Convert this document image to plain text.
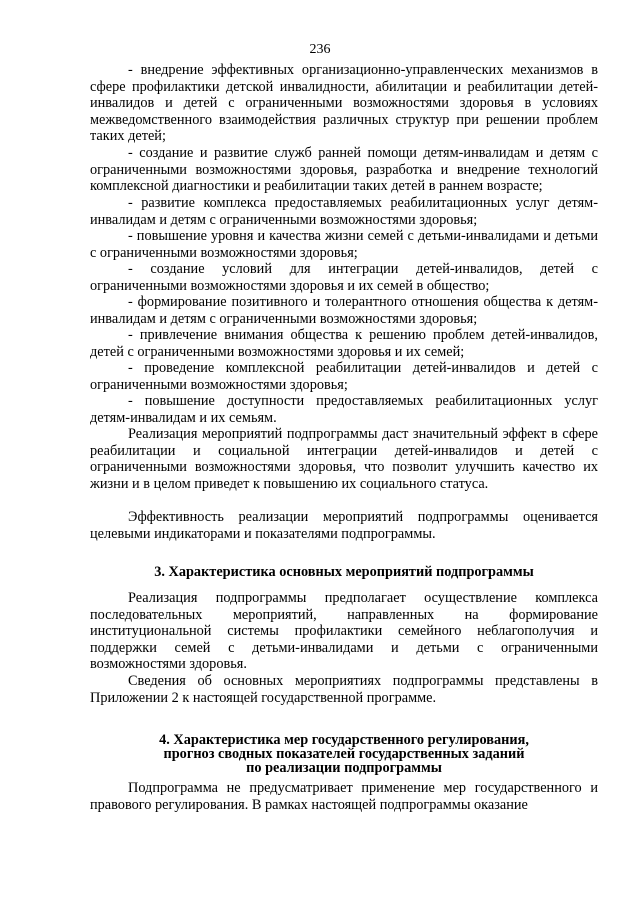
236

- внедрение эффективных организационно-управленческих механизмов в сфере профилактики детской инвалидности, абилитации и реабилитации детей-инвалидов и детей с ограниченными возможностями здоровья в условиях межведомственного взаимодействия различных структур при решении проблем таких детей;

- создание и развитие служб ранней помощи детям-инвалидам и детям с ограниченными возможностями здоровья, разработка и внедрение технологий комплексной диагностики и реабилитации таких детей в раннем возрасте;

- развитие комплекса предоставляемых реабилитационных услуг детям-инвалидам и детям с ограниченными возможностями здоровья;

- повышение уровня и качества жизни семей с детьми-инвалидами и детьми с ограниченными возможностями здоровья;

- создание условий для интеграции детей-инвалидов, детей с ограниченными возможностями здоровья и их семей в общество;

- формирование позитивного и толерантного отношения общества к детям-инвалидам и детям с ограниченными возможностями здоровья;

- привлечение внимания общества к решению проблем детей-инвалидов, детей с ограниченными возможностями здоровья и их семей;

- проведение комплексной реабилитации детей-инвалидов и детей с ограниченными возможностями здоровья;

- повышение доступности предоставляемых реабилитационных услуг детям-инвалидам и их семьям.

Реализация мероприятий подпрограммы даст значительный эффект в сфере реабилитации и социальной интеграции детей-инвалидов и детей с ограниченными возможностями здоровья, что позволит улучшить качество их жизни и в целом приведет к повышению их социального статуса.

Эффективность реализации мероприятий подпрограммы оценивается целевыми индикаторами и показателями подпрограммы.

3. Характеристика основных мероприятий подпрограммы

Реализация подпрограммы предполагает осуществление комплекса последовательных мероприятий, направленных на формирование институциональной системы профилактики семейного неблагополучия и поддержки семей с детьми-инвалидами и детьми с ограниченными возможностями здоровья.

Сведения об основных мероприятиях подпрограммы представлены в Приложении 2 к настоящей государственной программе.

4. Характеристика мер государственного регулирования,
прогноз сводных показателей государственных заданий
по реализации подпрограммы

Подпрограмма не предусматривает применение мер государственного и правового регулирования. В рамках настоящей подпрограммы оказание
